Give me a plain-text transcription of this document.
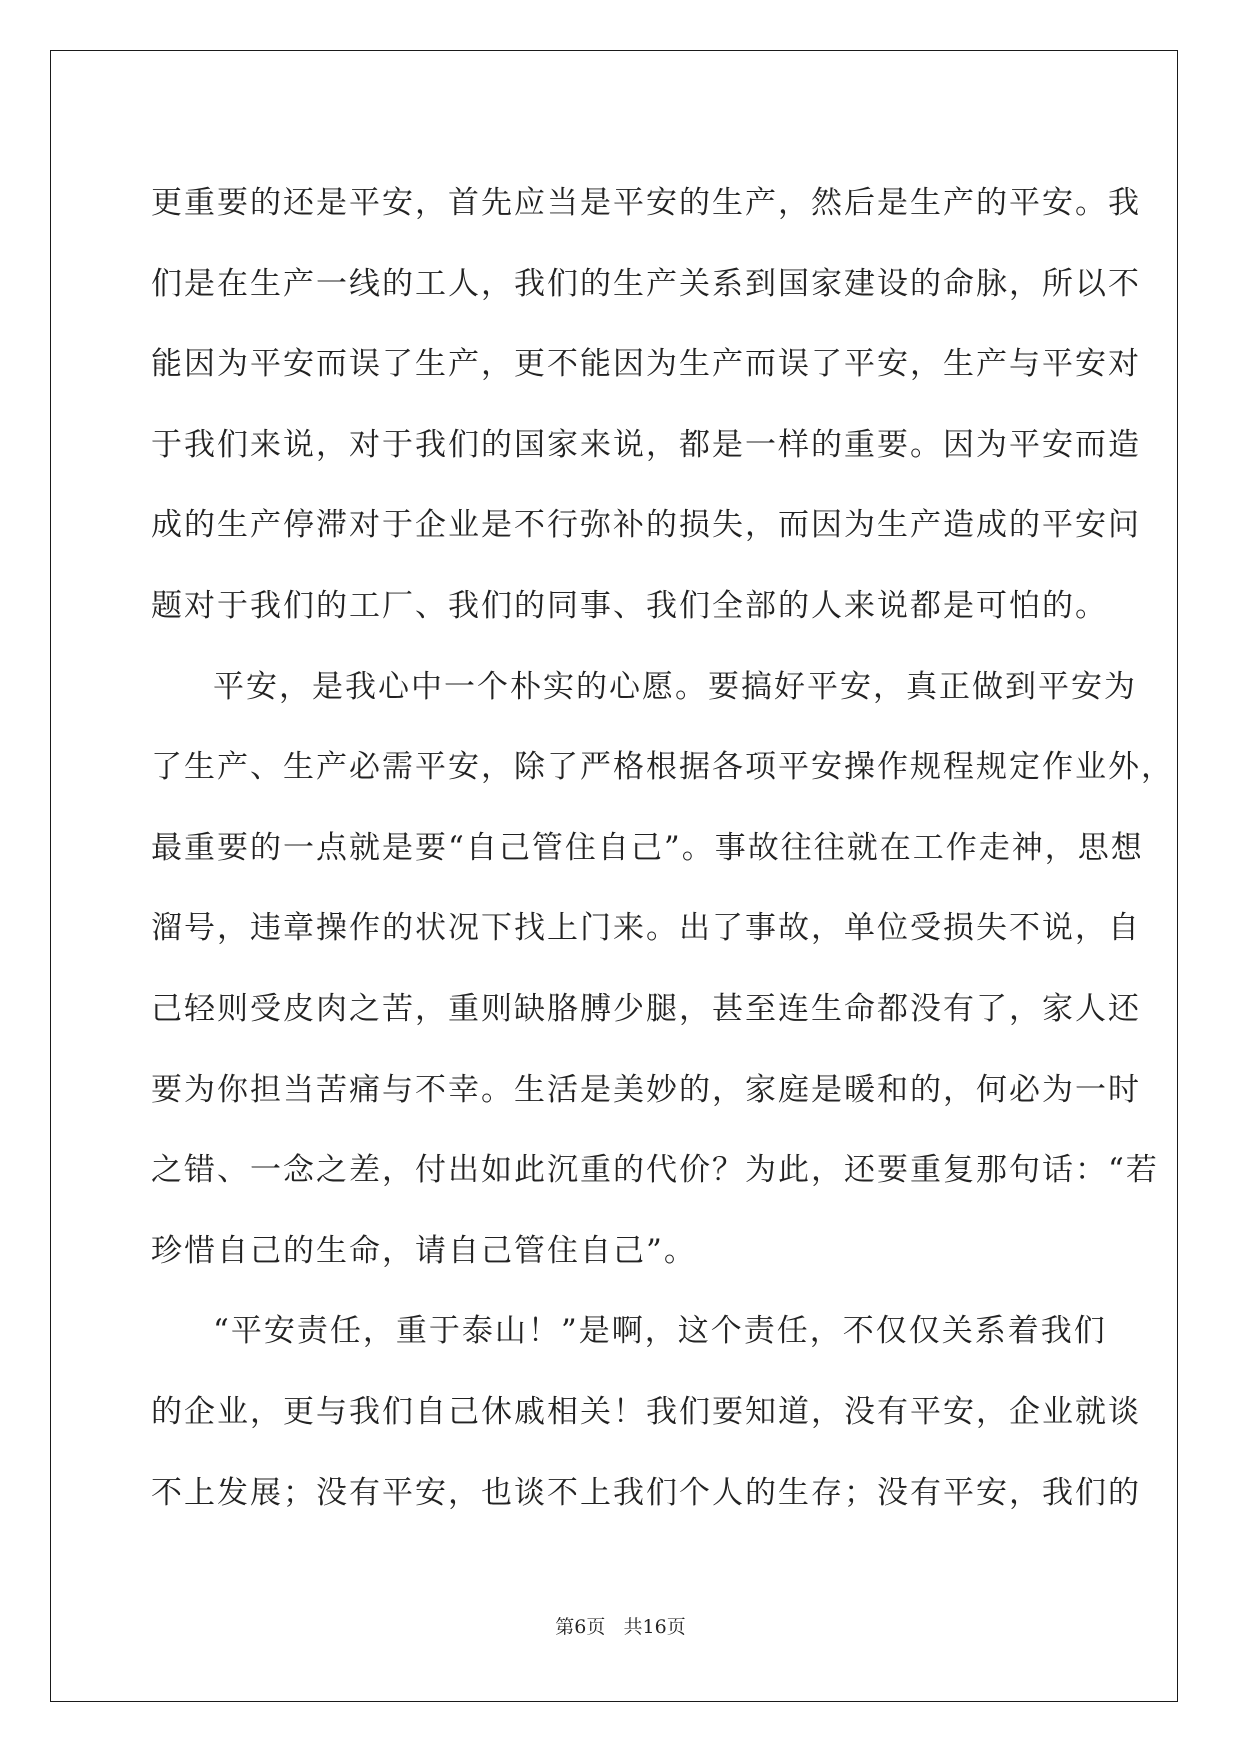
更重要的还是平安，首先应当是平安的生产，然后是生产的平安。我
们是在生产一线的工人，我们的生产关系到国家建设的命脉，所以不
能因为平安而误了生产，更不能因为生产而误了平安，生产与平安对
于我们来说，对于我们的国家来说，都是一样的重要。因为平安而造
成的生产停滞对于企业是不行弥补的损失，而因为生产造成的平安问
题对于我们的工厂、我们的同事、我们全部的人来说都是可怕的。
平安，是我心中一个朴实的心愿。要搞好平安，真正做到平安为
了生产、生产必需平安，除了严格根据各项平安操作规程规定作业外，
最重要的一点就是要“自己管住自己”。事故往往就在工作走神，思想
溜号，违章操作的状况下找上门来。出了事故，单位受损失不说，自
己轻则受皮肉之苦，重则缺胳膊少腿，甚至连生命都没有了，家人还
要为你担当苦痛与不幸。生活是美妙的，家庭是暖和的，何必为一时
之错、一念之差，付出如此沉重的代价？为此，还要重复那句话：“若
珍惜自己的生命，请自己管住自己”。
“平安责任，重于泰山！”是啊，这个责任，不仅仅关系着我们
的企业，更与我们自己休戚相关！我们要知道，没有平安，企业就谈
不上发展；没有平安，也谈不上我们个人的生存；没有平安，我们的
第6页 共16页
